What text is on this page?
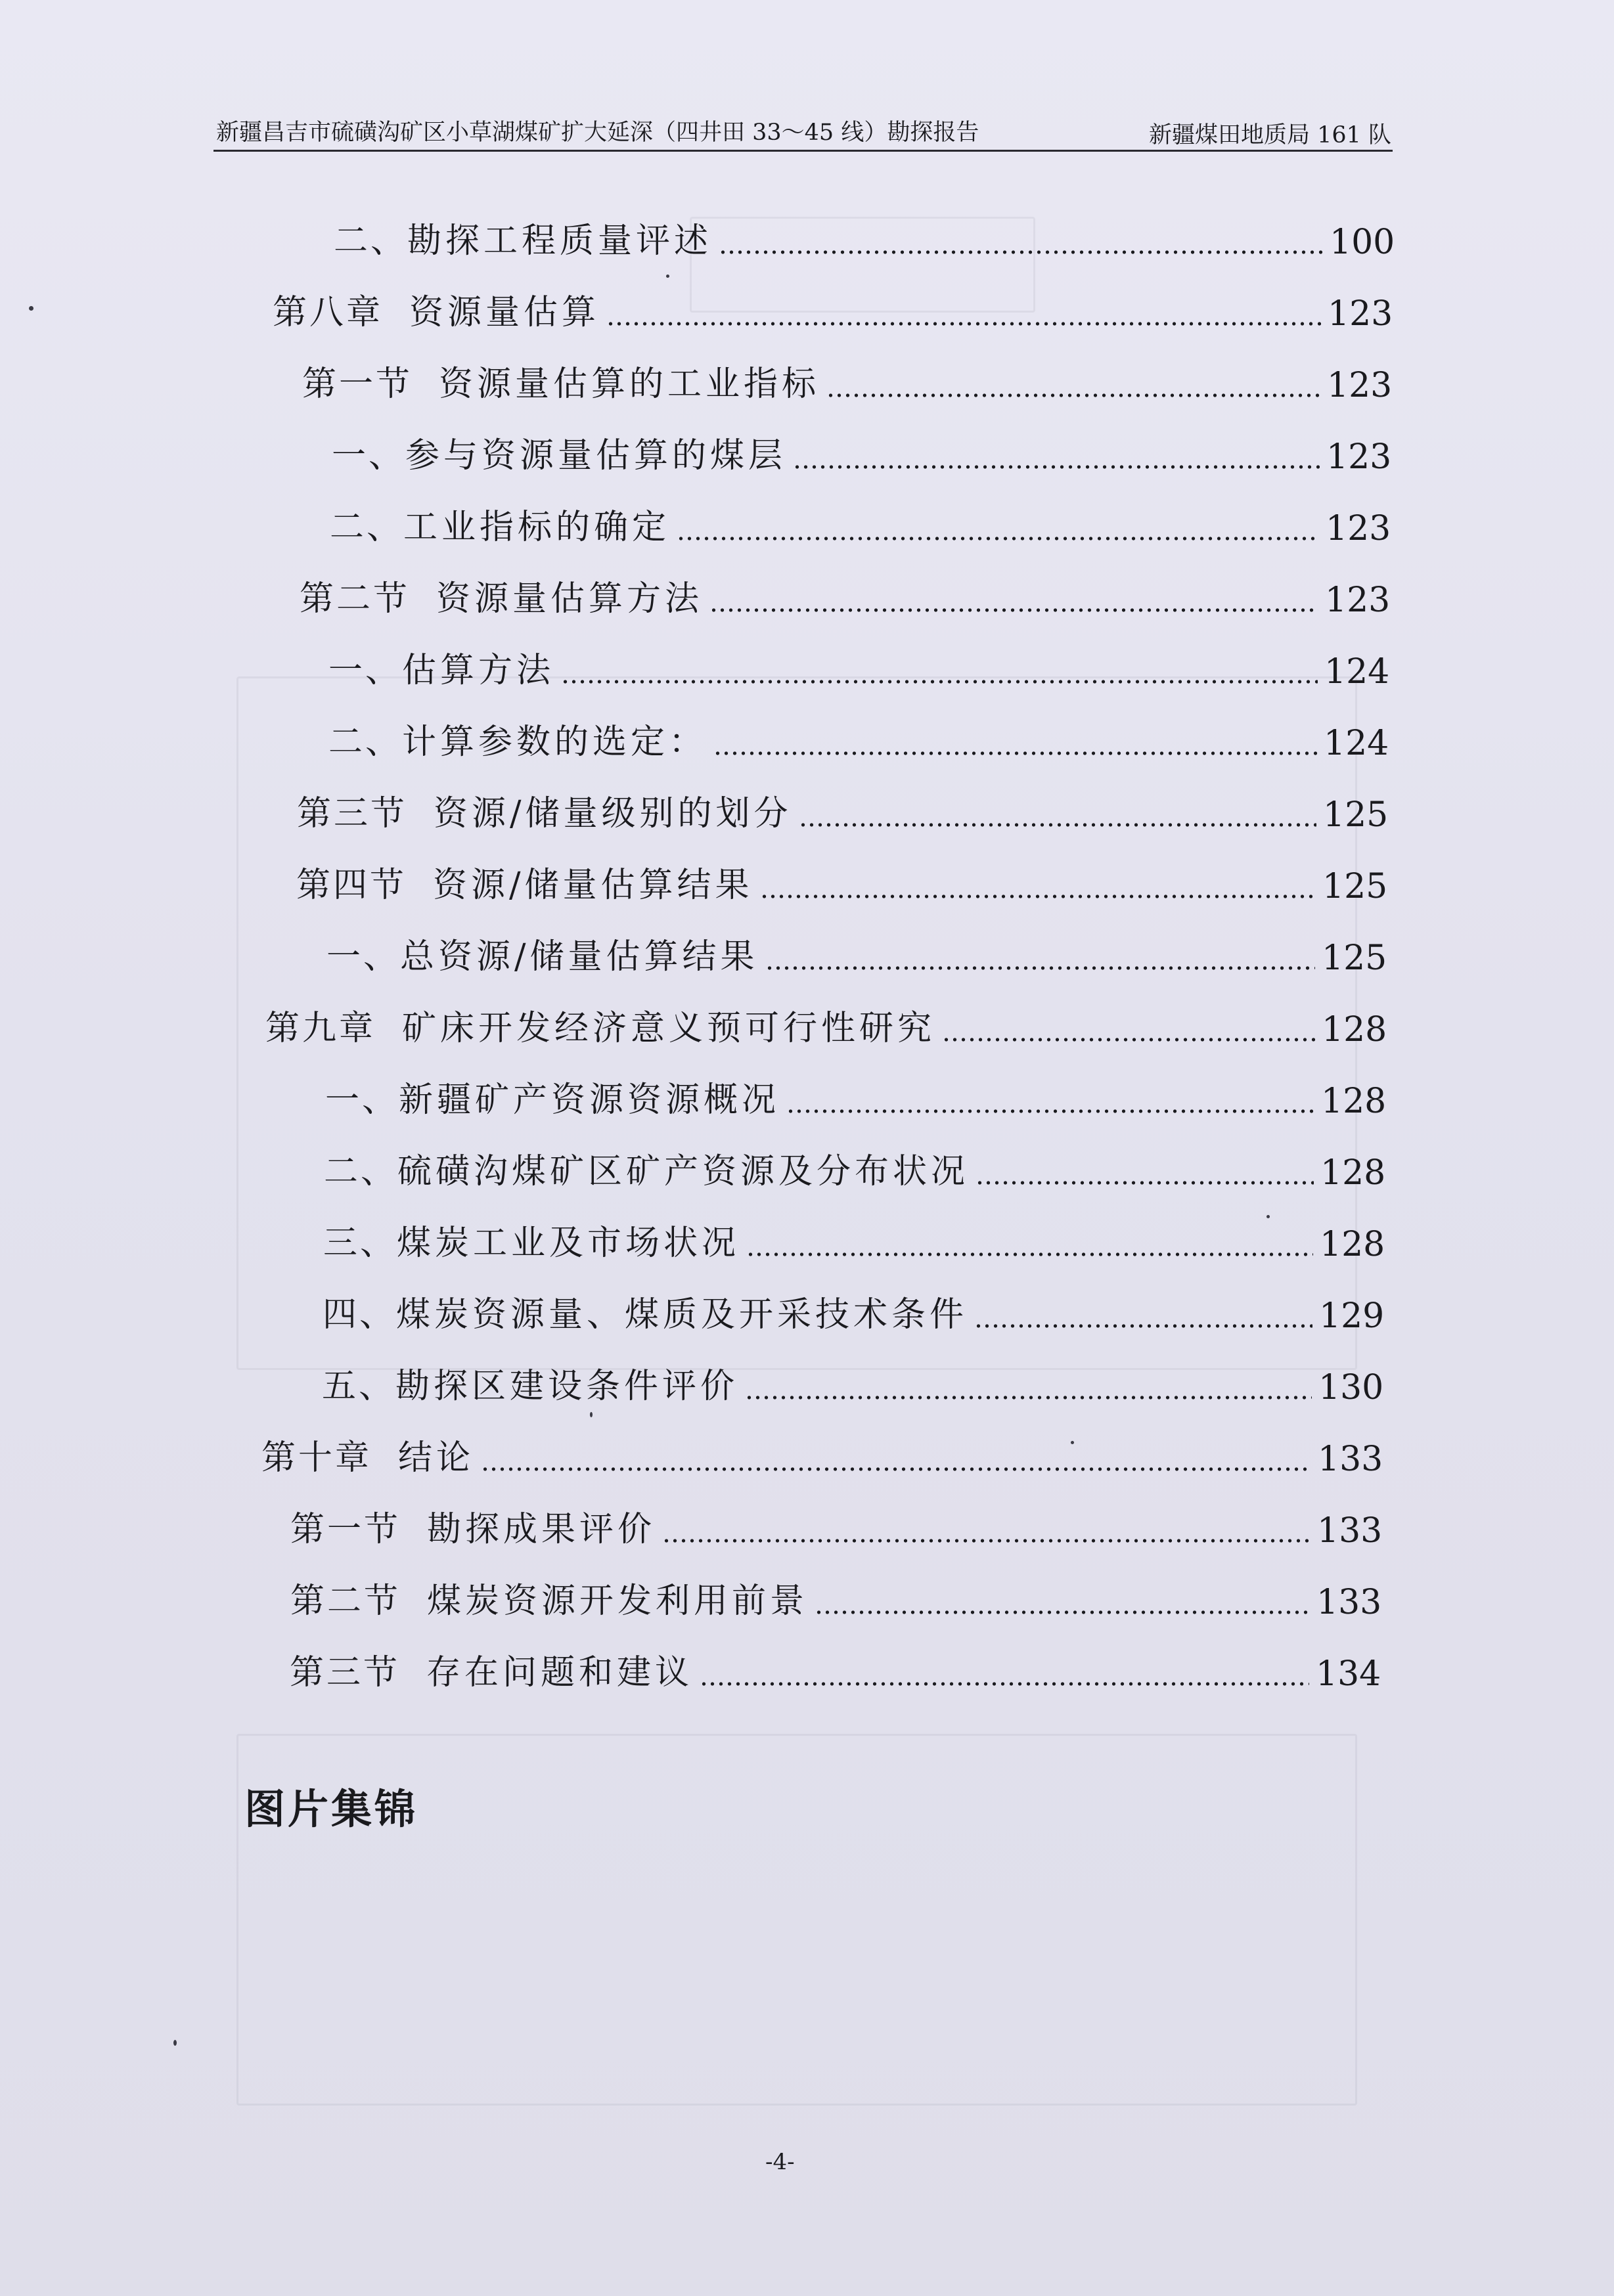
新疆昌吉市硫磺沟矿区小草湖煤矿扩大延深（四井田 33～45 线）勘探报告	新疆煤田地质局 161 队
二、 勘探工程质量评述	100
第八章 资源量估算	123
第一节 资源量估算的工业指标	123
一、 参与资源量估算的煤层	123
二、 工业指标的确定	123
第二节 资源量估算方法	123
一、 估算方法	124
二、 计算参数的选定：	124
第三节 资源/储量级别的划分	125
第四节 资源/储量估算结果	125
一、 总资源/储量估算结果	125
第九章 矿床开发经济意义预可行性研究	128
一、 新疆矿产资源资源概况	128
二、 硫磺沟煤矿区矿产资源及分布状况	128
三、 煤炭工业及市场状况	128
四、 煤炭资源量、煤质及开采技术条件	129
五、 勘探区建设条件评价	130
第十章 结论	133
第一节 勘探成果评价	133
第二节 煤炭资源开发利用前景	133
第三节 存在问题和建议	134
图片集锦
-4-
